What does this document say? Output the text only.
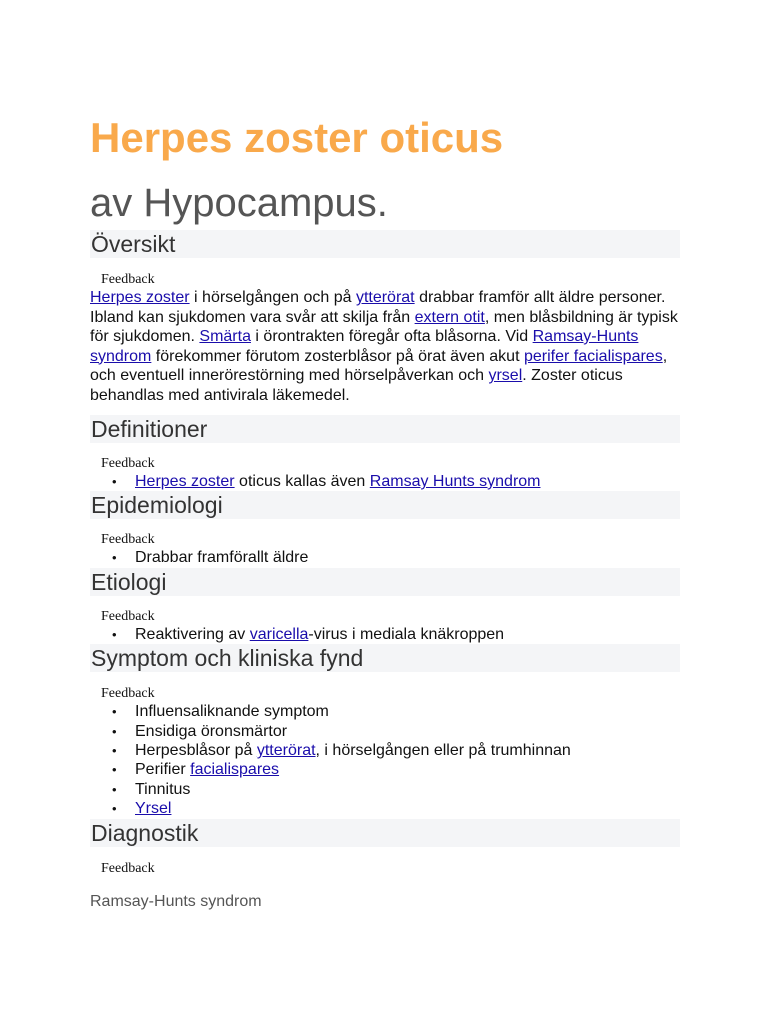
Herpes zoster oticus
av Hypocampus.
Översikt
Feedback

Herpes zoster i hörselgången och på ytterörat drabbar framför allt äldre personer. Ibland kan sjukdomen vara svår att skilja från extern otit, men blåsbildning är typisk för sjukdomen. Smärta i örontrakten föregår ofta blåsorna. Vid Ramsay-Hunts syndrom förekommer förutom zosterblåsor på örat även akut perifer facialispares, och eventuell innerörestörning med hörselpåverkan och yrsel. Zoster oticus behandlas med antivirala läkemedel.

Definitioner
Feedback
• Herpes zoster oticus kallas även Ramsay Hunts syndrom
Epidemiologi
Feedback
• Drabbar framförallt äldre
Etiologi
Feedback
• Reaktivering av varicella-virus i mediala knäkroppen
Symptom och kliniska fynd
Feedback
• Influensaliknande symptom
• Ensidiga öronsmärtor
• Herpesblåsor på ytterörat, i hörselgången eller på trumhinnan
• Perifier facialispares
• Tinnitus
• Yrsel
Diagnostik
Feedback

Ramsay-Hunts syndrom
